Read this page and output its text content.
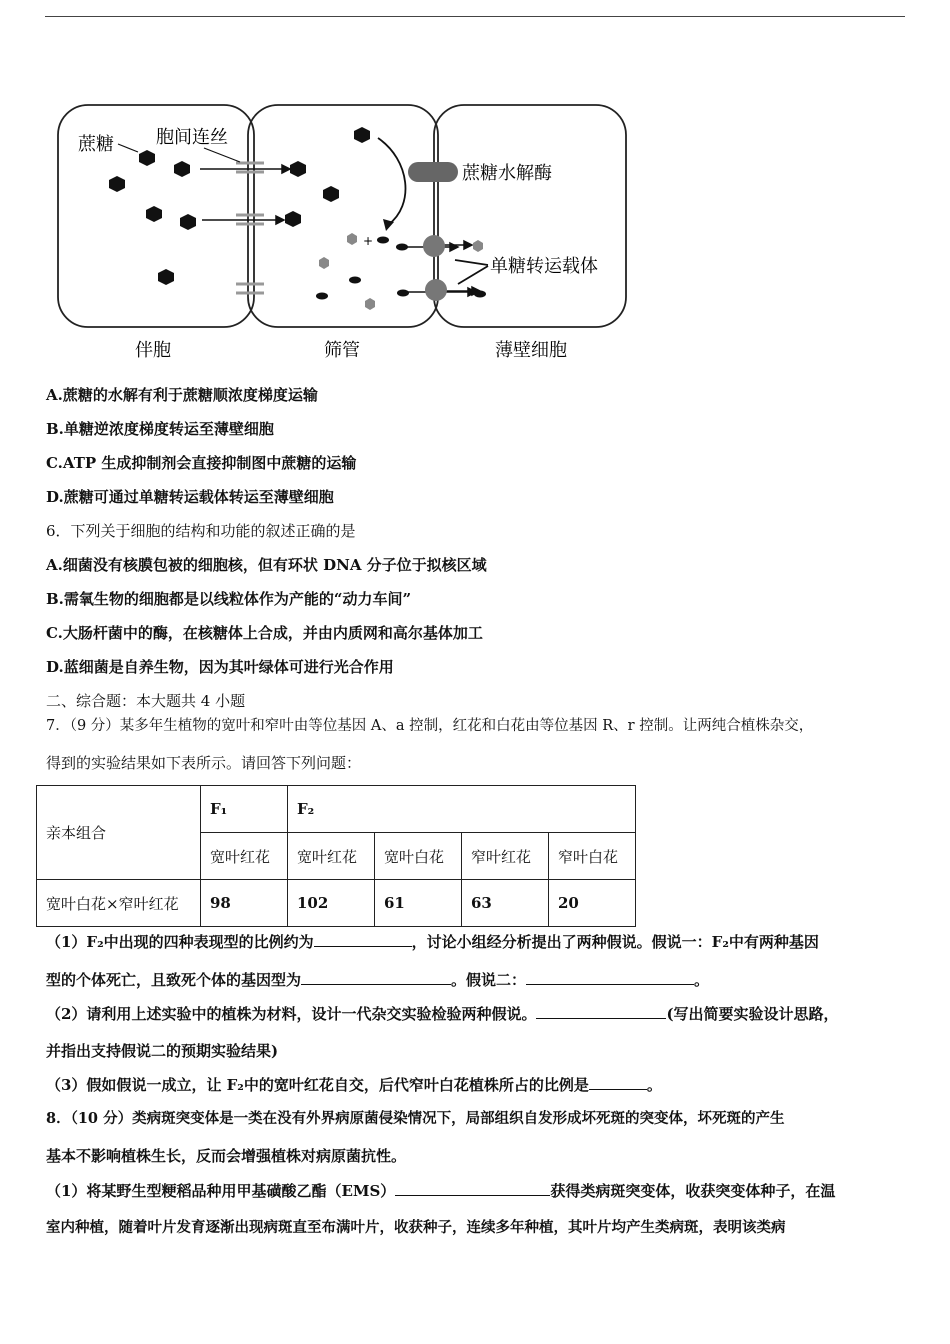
+
蔗糖 胞间连丝
蔗糖水解酶
单糖转运载体
伴胞	筛管	薄壁细胞
A.蔗糖的水解有利于蔗糖顺浓度梯度运输
B.单糖逆浓度梯度转运至薄壁细胞
C.ATP 生成抑制剂会直接抑制图中蔗糖的运输
D.蔗糖可通过单糖转运载体转运至薄壁细胞
6．下列关于细胞的结构和功能的叙述正确的是
A.细菌没有核膜包被的细胞核，但有环状 DNA 分子位于拟核区域
B.需氧生物的细胞都是以线粒体作为产能的“动力车间”
C.大肠杆菌中的酶，在核糖体上合成，并由内质网和高尔基体加工
D.蓝细菌是自养生物，因为其叶绿体可进行光合作用
二、综合题：本大题共 4 小题
7．（9 分）某多年生植物的宽叶和窄叶由等位基因 A、a 控制，红花和白花由等位基因 R、r 控制。让两纯合植株杂交，
得到的实验结果如下表所示。请回答下列问题：
亲本组合	F₁	F₂			
	宽叶红花	宽叶红花	宽叶白花	窄叶红花	窄叶白花
宽叶白花×窄叶红花	98	102	61	63	20
（1）F₂中出现的四种表现型的比例约为	，讨论小组经分析提出了两种假说。假说一：F₂中有两种基因
型的个体死亡，且致死个体的基因型为	。假说二：	。
（2）请利用上述实验中的植株为材料，设计一代杂交实验检验两种假说。	(写出简要实验设计思路，
并指出支持假说二的预期实验结果)
（3）假如假说一成立，让 F₂中的宽叶红花自交，后代窄叶白花植株所占的比例是	。
8．（10 分）类病斑突变体是一类在没有外界病原菌侵染情况下，局部组织自发形成坏死斑的突变体，坏死斑的产生
基本不影响植株生长，反而会增强植株对病原菌抗性。
（1）将某野生型粳稻品种用甲基磺酸乙酯（EMS）	获得类病斑突变体，收获突变体种子，在温
室内种植，随着叶片发育逐渐出现病斑直至布满叶片，收获种子，连续多年种植，其叶片均产生类病斑，表明该类病
